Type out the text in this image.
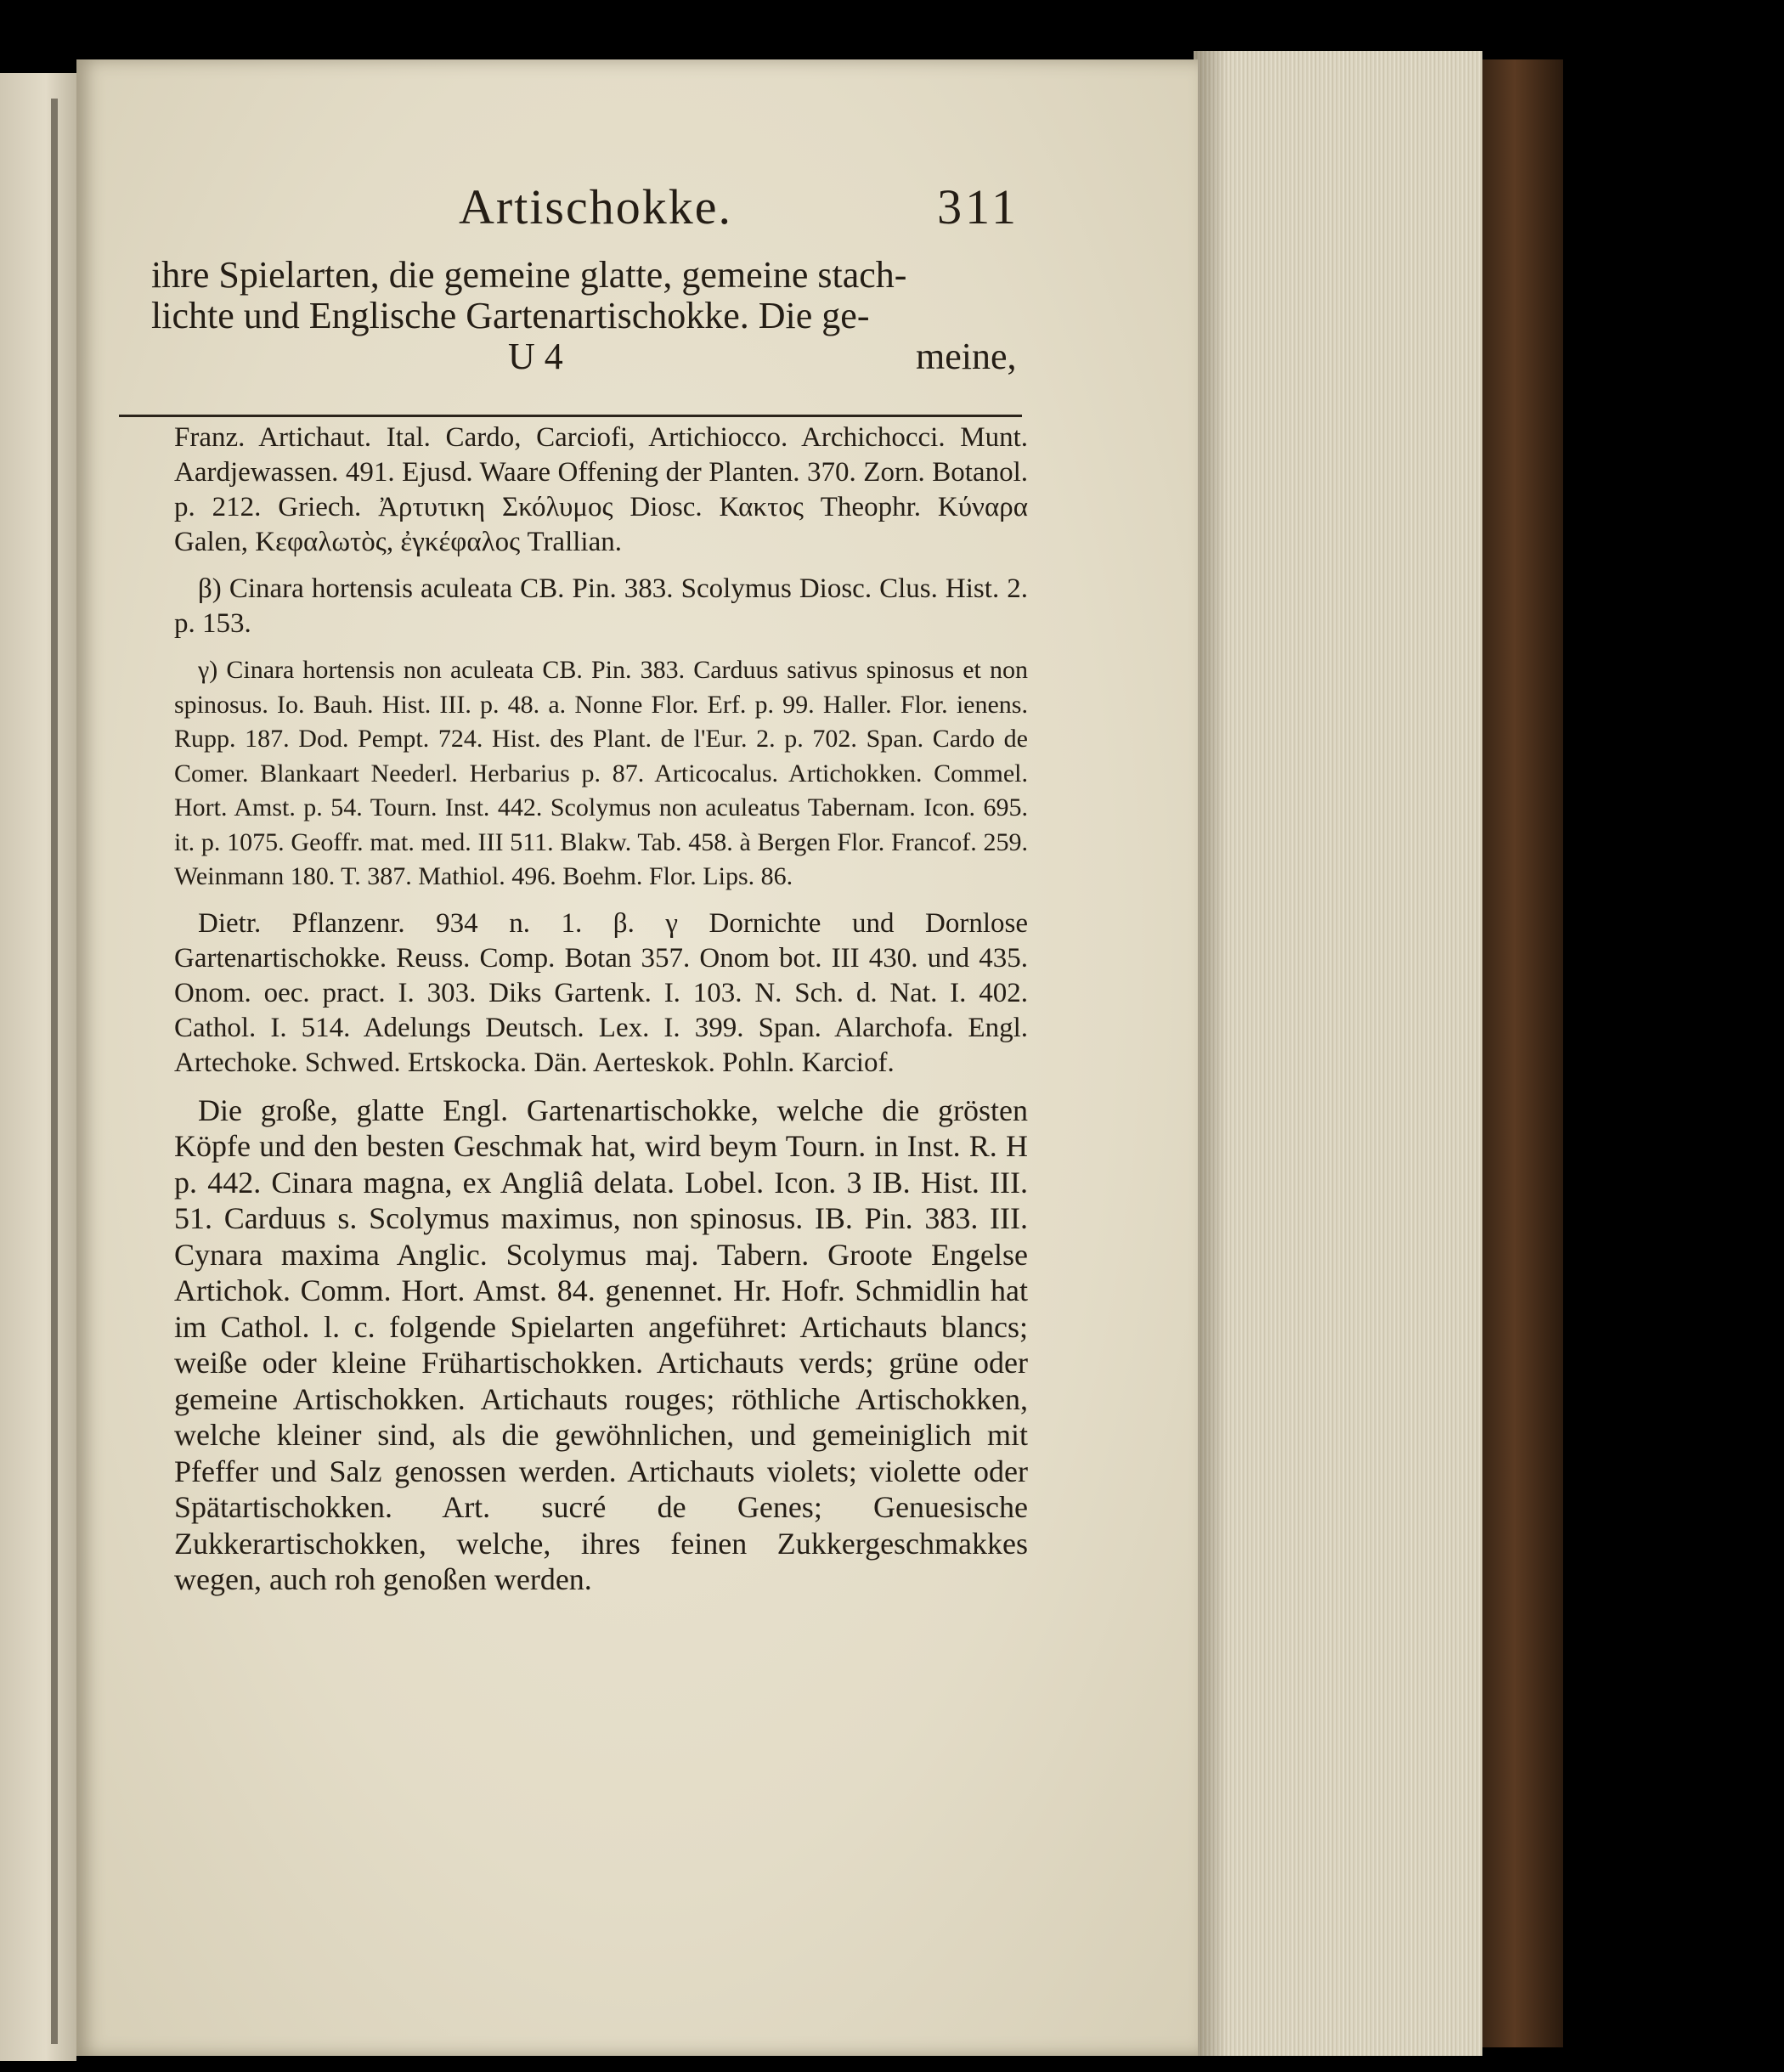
Artischokke.	311
ihre Spielarten, die gemeine glatte, gemeine stach-
lichte und Englische Gartenartischokke. Die ge-
U 4	meine,

Franz. Artichaut. Ital. Cardo, Carciofi, Artichiocco. Archichocci. Munt. Aardjewassen. 491. Ejusd. Waare Offening der Planten. 370. Zorn. Botanol. p. 212. Griech. Ἀρτυτικη Σκόλυμος Diosc. Κακτος Theophr. Κύναρα Galen, Κεφαλωτὸς, ἐγκέφαλος Trallian.

β) Cinara hortensis aculeata CB. Pin. 383. Scolymus Diosc. Clus. Hist. 2. p. 153.

γ) Cinara hortensis non aculeata CB. Pin. 383. Carduus sativus spinosus et non spinosus. Io. Bauh. Hist. III. p. 48. a. Nonne Flor. Erf. p. 99. Haller. Flor. ienens. Rupp. 187. Dod. Pempt. 724. Hist. des Plant. de l'Eur. 2. p. 702. Span. Cardo de Comer. Blankaart Neederl. Herbarius p. 87. Articocalus. Artichokken. Commel. Hort. Amst. p. 54. Tourn. Inst. 442. Scolymus non aculeatus Tabernam. Icon. 695. it. p. 1075. Geoffr. mat. med. III 511. Blakw. Tab. 458. à Bergen Flor. Francof. 259. Weinmann 180. T. 387. Mathiol. 496. Boehm. Flor. Lips. 86.

Dietr. Pflanzenr. 934 n. 1. β. γ Dornichte und Dornlose Gartenartischokke. Reuss. Comp. Botan 357. Onom bot. III 430. und 435. Onom. oec. pract. I. 303. Diks Gartenk. I. 103. N. Sch. d. Nat. I. 402. Cathol. I. 514. Adelungs Deutsch. Lex. I. 399. Span. Alarchofa. Engl. Artechoke. Schwed. Ertskocka. Dän. Aerteskok. Pohln. Karciof.

Die große, glatte Engl. Gartenartischokke, welche die grösten Köpfe und den besten Geschmak hat, wird beym Tourn. in Inst. R. H p. 442. Cinara magna, ex Angliâ delata. Lobel. Icon. 3 IB. Hist. III. 51. Carduus s. Scolymus maximus, non spinosus. IB. Pin. 383. III. Cynara maxima Anglic. Scolymus maj. Tabern. Groote Engelse Artichok. Comm. Hort. Amst. 84. genennet. Hr. Hofr. Schmidlin hat im Cathol. l. c. folgende Spielarten angeführet: Artichauts blancs; weiße oder kleine Frühartischokken. Artichauts verds; grüne oder gemeine Artischokken. Artichauts rouges; röthliche Artischokken, welche kleiner sind, als die gewöhnlichen, und gemeiniglich mit Pfeffer und Salz genossen werden. Artichauts violets; violette oder Spätartischokken. Art. sucré de Genes; Genuesische Zukkerartischokken, welche, ihres feinen Zukkergeschmakkes wegen, auch roh genoßen werden.
